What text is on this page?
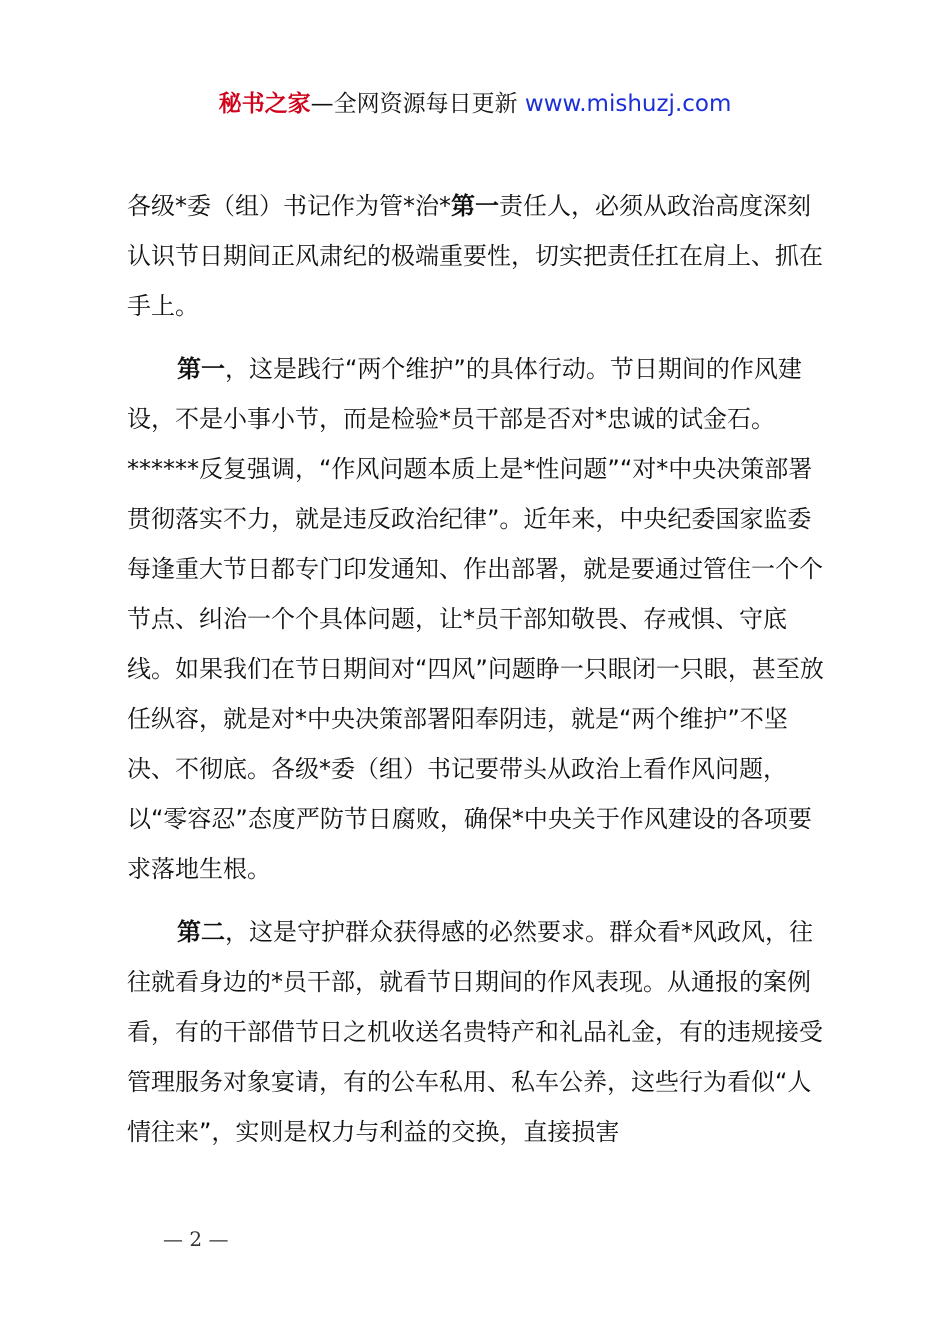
秘书之家—全网资源每日更新 www.mishuzj.com

各级*委（组）书记作为管*治*第一责任人，必须从政治高度深刻认识节日期间正风肃纪的极端重要性，切实把责任扛在肩上、抓在手上。

第一，这是践行“两个维护”的具体行动。节日期间的作风建设，不是小事小节，而是检验*员干部是否对*忠诚的试金石。******反复强调，“作风问题本质上是*性问题”“对*中央决策部署贯彻落实不力，就是违反政治纪律”。近年来，中央纪委国家监委每逢重大节日都专门印发通知、作出部署，就是要通过管住一个个节点、纠治一个个具体问题，让*员干部知敬畏、存戒惧、守底线。如果我们在节日期间对“四风”问题睁一只眼闭一只眼，甚至放任纵容，就是对*中央决策部署阳奉阴违，就是“两个维护”不坚决、不彻底。各级*委（组）书记要带头从政治上看作风问题，以“零容忍”态度严防节日腐败，确保*中央关于作风建设的各项要求落地生根。

第二，这是守护群众获得感的必然要求。群众看*风政风，往往就看身边的*员干部，就看节日期间的作风表现。从通报的案例看，有的干部借节日之机收送名贵特产和礼品礼金，有的违规接受管理服务对象宴请，有的公车私用、私车公养，这些行为看似“人情往来”，实则是权力与利益的交换，直接损害

— 2 —
